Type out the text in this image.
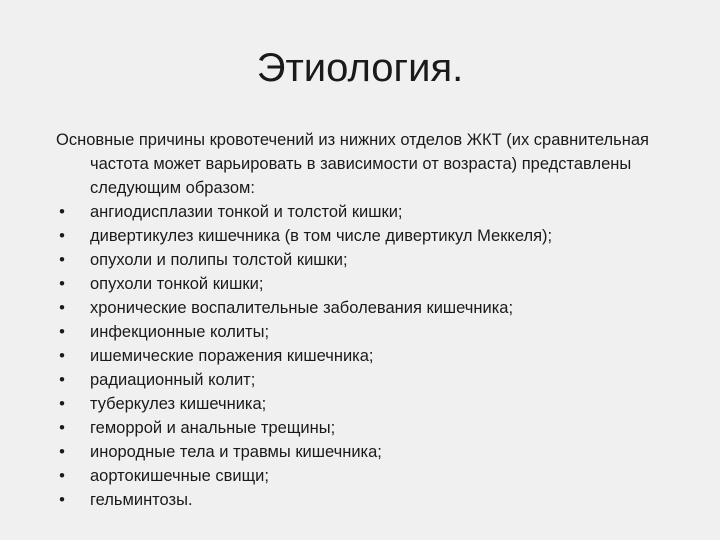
Этиология.

Основные причины кровотечений из нижних отделов ЖКТ (их сравнительная частота может варьировать в зависимости от возраста) представлены следующим образом:

• ангиодисплазии тонкой и толстой кишки;
• дивертикулез кишечника (в том числе дивертикул Меккеля);
• опухоли и полипы толстой кишки;
• опухоли тонкой кишки;
• хронические воспалительные заболевания кишечника;
• инфекционные колиты;
• ишемические поражения кишечника;
• радиационный колит;
• туберкулез кишечника;
• геморрой и анальные трещины;
• инородные тела и травмы кишечника;
• аортокишечные свищи;
• гельминтозы.
